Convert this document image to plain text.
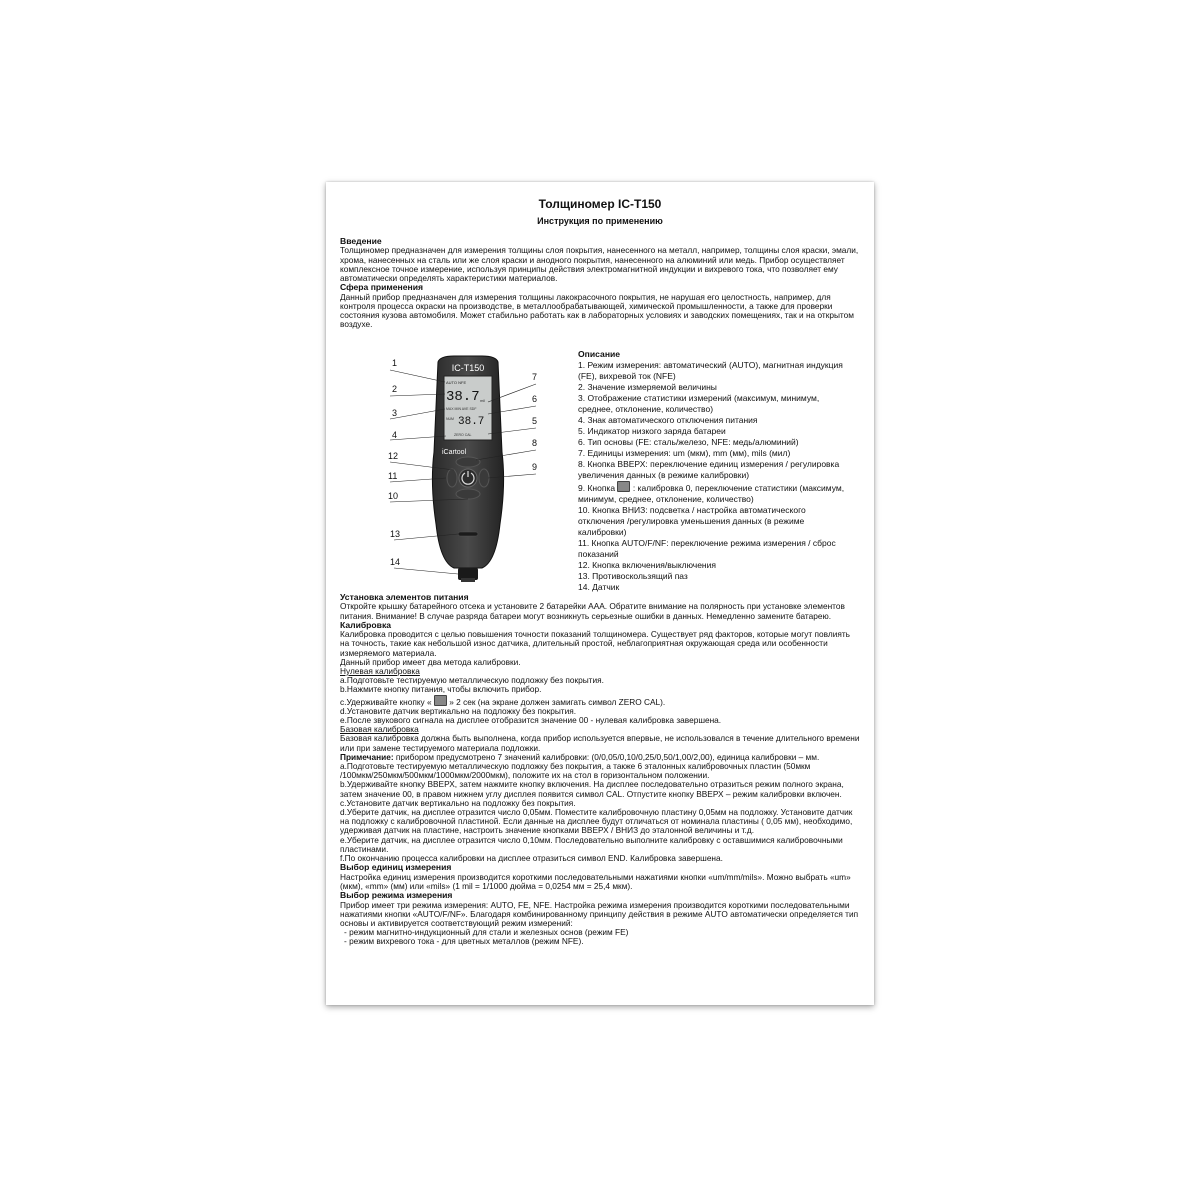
Толщиномер IC-T150
Инструкция по применению

Введение

Толщиномер предназначен для измерения толщины слоя покрытия, нанесенного на металл, например, толщины слоя краски, эмали, хрома, нанесенных на сталь или же слоя краски и анодного покрытия, нанесенного на алюминий или медь. Прибор осуществляет комплексное точное измерение, используя принципы действия электромагнитной индукции и вихревого тока, что позволяет ему автоматически определять характеристики материалов.

Сфера применения

Данный прибор предназначен для измерения толщины лакокрасочного покрытия, не нарушая его целостность, например, для контроля процесса окраски на производстве, в металлообрабатывающей, химической промышленности, а также для проверки состояния кузова автомобиля. Может стабильно работать как в лабораторных условиях и заводских помещениях, так и на открытом воздухе.

IC-T150
AUTO NFE
38.7 mil
MAX MIN AVE SDF
NUM 38.7
ZERO CAL
iCartool
1
2
3
4
5
6
7
8
9
10
11
12
13
14

Описание

1. Режим измерения: автоматический (AUTO), магнитная индукция (FE), вихревой ток (NFE)

2. Значение измеряемой величины

3. Отображение статистики измерений (максимум, минимум, среднее, отклонение, количество)

4. Знак автоматического отключения питания

5. Индикатор низкого заряда батареи

6. Тип основы (FE: сталь/железо, NFE: медь/алюминий)

7. Единицы измерения: um (мкм), mm (мм), mils (мил)

8. Кнопка ВВЕРХ: переключение единиц измерения / регулировка увеличения данных (в режиме калибровки)

9. Кнопка : калибровка 0, переключение статистики (максимум, минимум, среднее, отклонение, количество)

10. Кнопка ВНИЗ: подсветка / настройка автоматического отключения /регулировка уменьшения данных (в режиме калибровки)

11. Кнопка AUTO/F/NF: переключение режима измерения / сброс показаний

12. Кнопка включения/выключения

13. Противоскользящий паз

14. Датчик

Установка элементов питания

Откройте крышку батарейного отсека и установите 2 батарейки ААА. Обратите внимание на полярность при установке элементов питания. Внимание! В случае разряда батареи могут возникнуть серьезные ошибки в данных. Немедленно замените батарею.

Калибровка

Калибровка проводится с целью повышения точности показаний толщиномера. Существует ряд факторов, которые могут повлиять на точность, такие как небольшой износ датчика, длительный простой, неблагоприятная окружающая среда или особенности измеряемого материала.

Данный прибор имеет два метода калибровки.

Нулевая калибровка

a.Подготовьте тестируемую металлическую подложку без покрытия.

b.Нажмите кнопку питания, чтобы включить прибор.

c.Удерживайте кнопку « » 2 сек (на экране должен замигать символ ZERO CAL).

d.Установите датчик вертикально на подложку без покрытия.

e.После звукового сигнала на дисплее отобразится значение 00 - нулевая калибровка завершена.

Базовая калибровка

Базовая калибровка должна быть выполнена, когда прибор используется впервые, не использовался в течение длительного времени или при замене тестируемого материала подложки.

Примечание: прибором предусмотрено 7 значений калибровки: (0/0,05/0,10/0,25/0,50/1,00/2,00), единица калибровки – мм.

a.Подготовьте тестируемую металлическую подложку без покрытия, а также 6 эталонных калибровочных пластин (50мкм /100мкм/250мкм/500мкм/1000мкм/2000мкм), положите их на стол в горизонтальном положении.

b.Удерживайте кнопку ВВЕРХ, затем нажмите кнопку включения. На дисплее последовательно отразиться режим полного экрана, затем значение 00, в правом нижнем углу дисплея появится символ CAL. Отпустите кнопку ВВЕРХ – режим калибровки включен.

c.Установите датчик вертикально на подложку без покрытия.

d.Уберите датчик, на дисплее отразится число 0,05мм. Поместите калибровочную пластину 0,05мм на подложку. Установите датчик на подложку с калибровочной пластиной. Если данные на дисплее будут отличаться от номинала пластины ( 0,05 мм), необходимо, удерживая датчик на пластине, настроить значение кнопками ВВЕРХ / ВНИЗ до эталонной величины и т.д.

e.Уберите датчик, на дисплее отразится число 0,10мм. Последовательно выполните калибровку с оставшимися калибровочными пластинами.

f.По окончанию процесса калибровки на дисплее отразиться символ END. Калибровка завершена.

Выбор единиц измерения

Настройка единиц измерения производится короткими последовательными нажатиями кнопки «um/mm/mils». Можно выбрать «um» (мкм), «mm» (мм) или «mils» (1 mil = 1/1000 дюйма = 0,0254 мм = 25,4 мкм).

Выбор режима измерения

Прибор имеет три режима измерения: AUTO, FE, NFE. Настройка режима измерения производится короткими последовательными нажатиями кнопки «AUTO/F/NF». Благодаря комбинированному принципу действия в режиме AUTO автоматически определяется тип основы и активируется соответствующий режим измерений:

- режим магнитно-индукционный для стали и железных основ (режим FE)

- режим вихревого тока - для цветных металлов (режим NFE).
